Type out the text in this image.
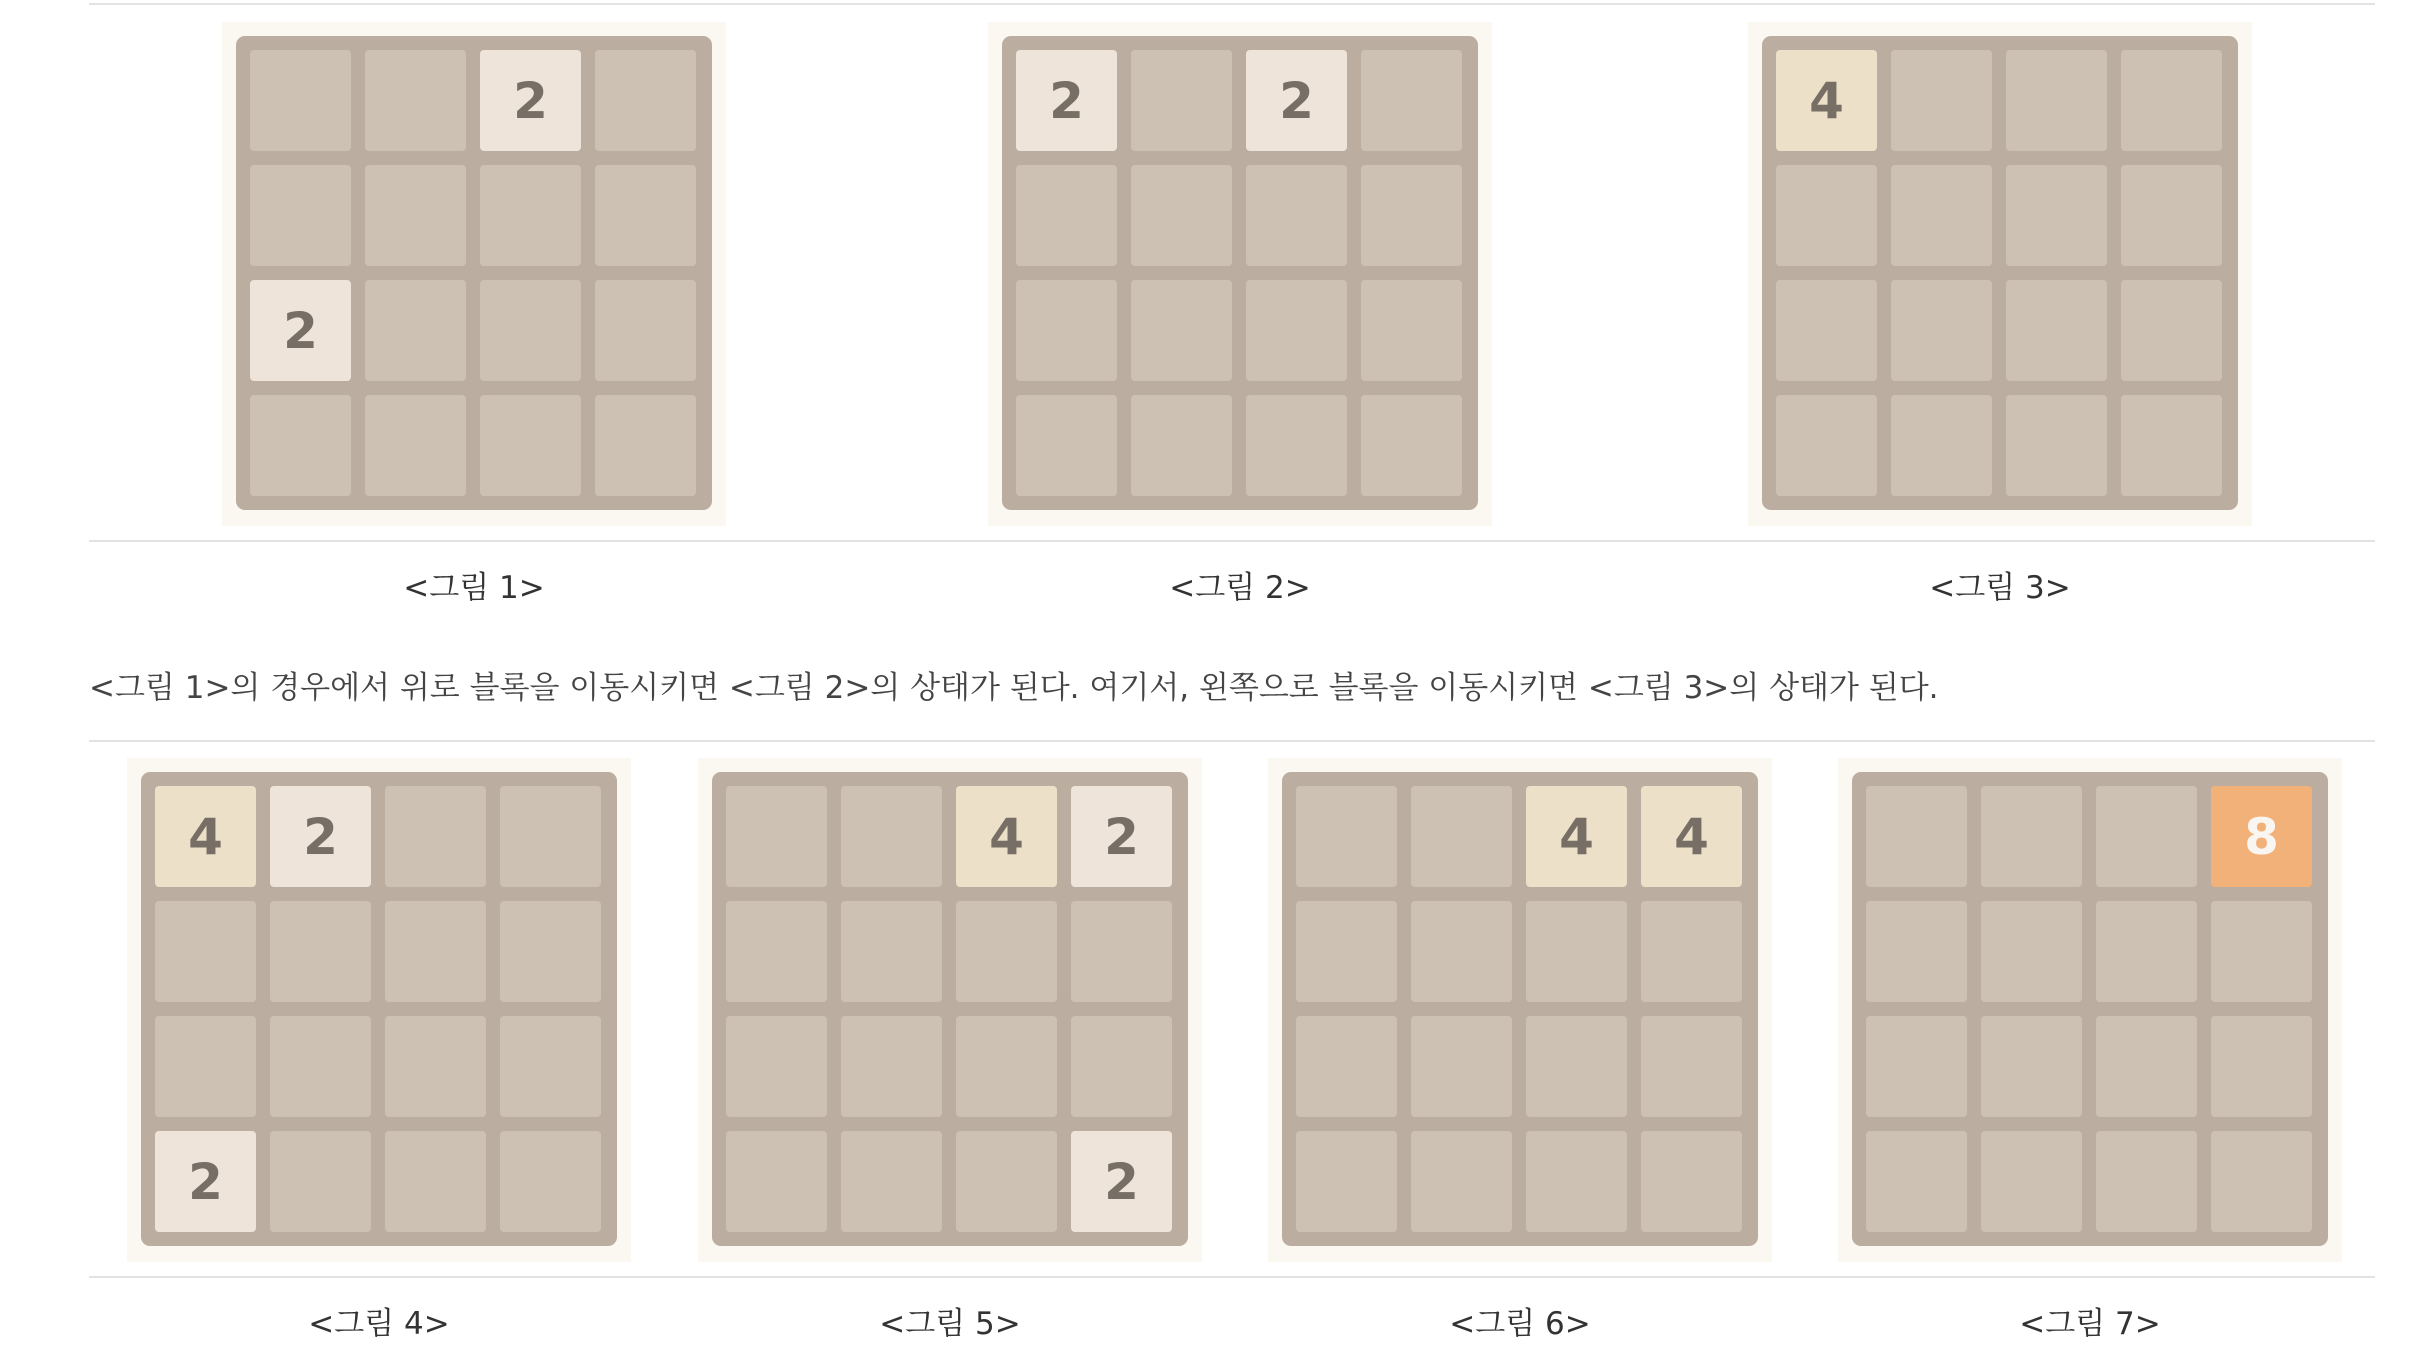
2
2
<그림 1>
2	2
<그림 2>
4
<그림 3>
<그림 1>의 경우에서 위로 블록을 이동시키면 <그림 2>의 상태가 된다. 여기서, 왼쪽으로 블록을 이동시키면 <그림 3>의 상태가 된다.
4	2
2
<그림 4>
4	2
2
<그림 5>
4	4
<그림 6>
8
<그림 7>
